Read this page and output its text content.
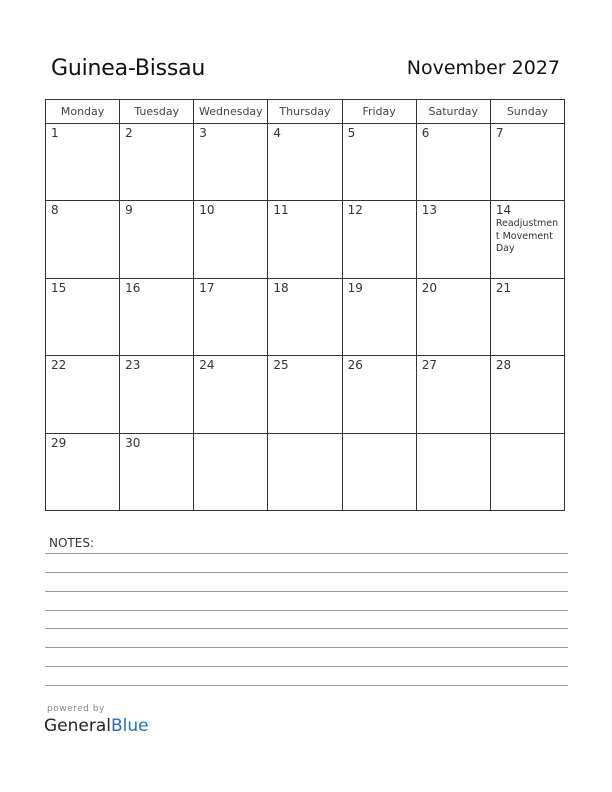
Guinea-Bissau	November 2027
Monday	Tuesday	Wednesday	Thursday	Friday	Saturday	Sunday

1	2	3	4	5	6	7

8	9	10	11	12	13	14
Readjustment Movement Day

15	16	17	18	19	20	21

22	23	24	25	26	27	28

29	30					

NOTES:
powered by
GeneralBlue
